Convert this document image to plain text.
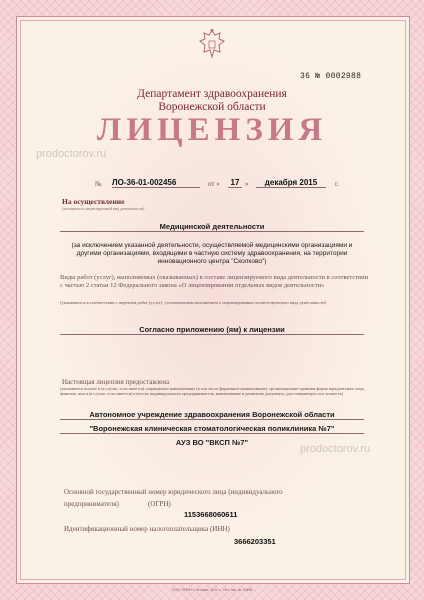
36 № 0002988
Департамент здравоохранения
Воронежской области
ЛИЦЕНЗИЯ
prodoctorov.ru
№ ЛО-36-01-002456	от «	17 »	декабря 2015	г.
На осуществление
(указывается лицензируемый вид деятельности)
Медицинской деятельности
(за исключением указанной деятельности, осуществляемой медицинскими организациями и другими организациями, входящими в частную систему здравоохранения, на территории инновационного центра "Сколково")
Виды работ (услуг), выполняемых (оказываемых) в составе лицензируемого вида деятельности в соответствии с частью 2 статьи 12 Федерального закона «О лицензировании отдельных видов деятельности»
(указываются в соответствии с перечнем работ (услуг), установленным положением о лицензировании соответствующего вида деятельности)
Согласно приложению (ям) к лицензии
Настоящая лицензия предоставлена
(указывается полное и (в случае, если имеется) сокращенное наименование (в том числе фирменное наименование), организационно-правовая форма юридического лица, фамилия, имя и (в случае, если имеется) отчество индивидуального предпринимателя, наименование и реквизиты документа, удостоверяющего его личность)
Автономное учреждение здравоохранения Воронежской области
"Воронежская клиническая стоматологическая поликлиника №7"
АУЗ ВО "ВКСП №7"
prodoctorov.ru
Основной государственный номер юридического лица (индивидуального
предпринимателя)	(ОГРН)
1153668060611
Идентификационный номер налогоплательщика (ИНН)
3666203351
ООО «ПФФ» г. Москва, 2014 г., «Б», зак. № 23456
